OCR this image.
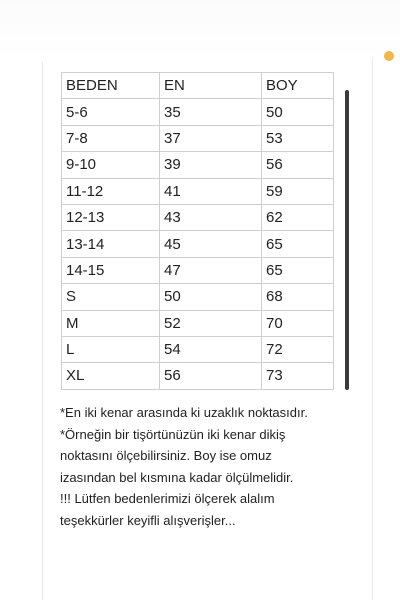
BEDEN	EN	BOY
5-6	35	50
7-8	37	53
9-10	39	56
11-12	41	59
12-13	43	62
13-14	45	65
14-15	47	65
S	50	68
M	52	70
L	54	72
XL	56	73
*En iki kenar arasında ki uzaklık noktasıdır.
*Örneğin bir tişörtünüzün iki kenar dikiş
noktasını ölçebilirsiniz. Boy ise omuz
izasından bel kısmına kadar ölçülmelidir.
!!! Lütfen bedenlerimizi ölçerek alalım
teşekkürler keyifli alışverişler...
